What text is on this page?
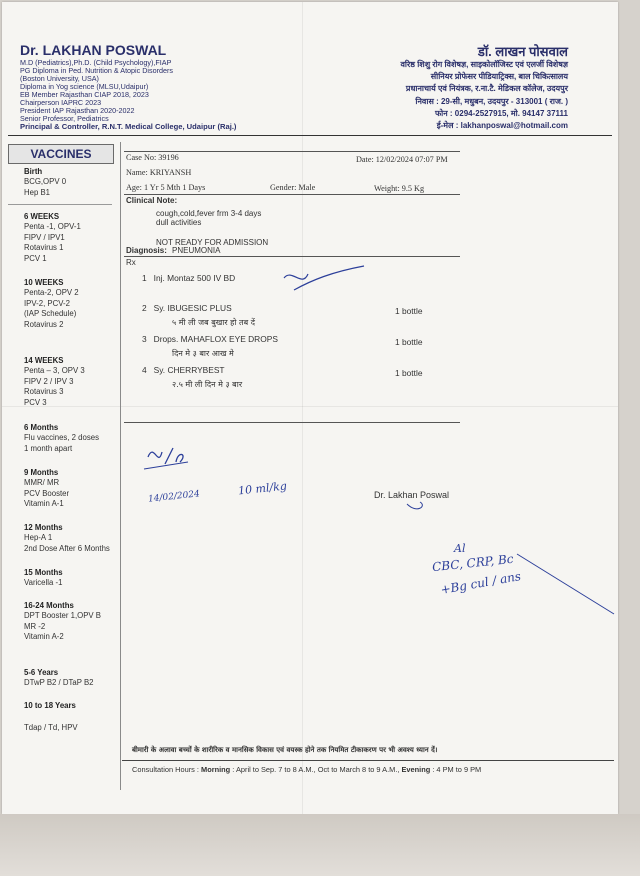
Dr. LAKHAN POSWAL
M.D (Pediatrics),Ph.D. (Child Psychology),FIAP
PG Diploma in Ped. Nutrition & Atopic Disorders
(Boston University, USA)
Diploma in Yog science (MLSU,Udaipur)
EB Member Rajasthan CIAP 2018, 2023
Chairperson IAPRC 2023
President IAP Rajasthan 2020-2022
Senior Professor, Pediatrics
Principal & Controller, R.N.T. Medical College, Udaipur (Raj.)
डॉ. लाखन पोसवाल
वरिष्ठ शिशु रोग विशेषज्ञ, साइकोलॉजिस्ट एवं एलर्जी विशेषज्ञ
सीनियर प्रोफेसर पीडियाट्रिक्स, बाल चिकित्सालय
प्रधानाचार्य एवं नियंत्रक, र.ना.टै. मेडिकल कॉलेज, उदयपुर
निवास : 29-सी, मधुबन, उदयपुर - 313001 ( राज. )
फोन : 0294-2527915, मो. 94147 37111
ई-मेल : lakhanposwal@hotmail.com
VACCINES
Birth
BCG,OPV 0
Hep B1
6 WEEKS
Penta -1, OPV-1
FIPV / IPV1
Rotavirus 1
PCV 1
10 WEEKS
Penta-2, OPV 2
IPV-2, PCV-2
(IAP Schedule)
Rotavirus 2
14 WEEKS
Penta – 3, OPV 3
FIPV 2 / IPV 3
Rotavirus 3
PCV 3
6 Months
Flu vaccines, 2 doses
1 month apart
9 Months
MMR/ MR
PCV Booster
Vitamin A-1
12 Months
Hep-A 1
2nd Dose After 6 Months
15 Months
Varicella -1
16-24 Months
DPT Booster 1,OPV B
MR -2
Vitamin A-2
5-6 Years
DTwP B2 / DTaP B2
10 to 18 Years
Tdap / Td, HPV
Case No: 39196	Date: 12/02/2024 07:07 PM
Name: KRIYANSH
Age: 1 Yr 5 Mth 1 Days	Gender: Male	Weight: 9.5 Kg
Clinical Note:
cough,cold,fever frm 3-4 days
dull activities
NOT READY FOR ADMISSION
Diagnosis: PNEUMONIA
Rx
1 Inj. Montaz 500 IV BD
2 Sy. IBUGESIC PLUS
५ मी ली जब बुखार हो तब दें
1 bottle
3 Drops. MAHAFLOX EYE DROPS
दिन मे ३ बार आख मे
1 bottle
4 Sy. CHERRYBEST
२.५ मी ली दिन मे ३ बार
1 bottle
14/02/2024	10 ml/kg	Dr. Lakhan Poswal
Al
CBC, CRP, Bc
+Bg cul / ans
बीमारी के अलावा बच्चों के शारीरिक व मानसिक विकास एवं वयस्क होने तक नियमित टीकाकरण पर भी अवश्य ध्यान दें।
Consultation Hours : Morning : April to Sep. 7 to 8 A.M., Oct to March 8 to 9 A.M., Evening : 4 PM to 9 PM
